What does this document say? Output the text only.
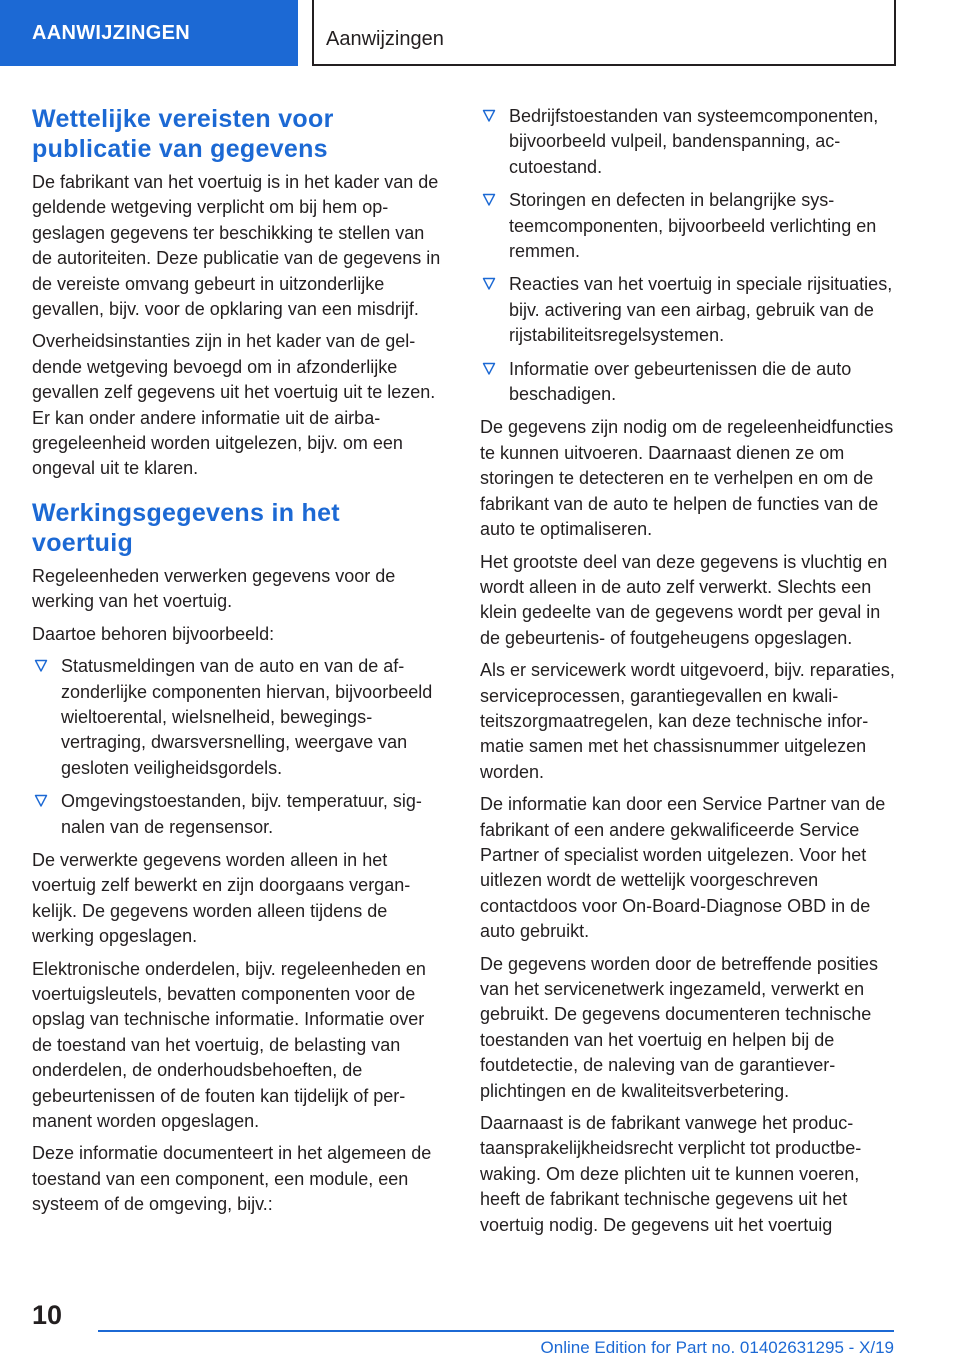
AANWIJZINGEN	Aanwijzingen
Wettelijke vereisten voor publicatie van gegevens

De fabrikant van het voertuig is in het kader van de geldende wetgeving verplicht om bij hem opgeslagen gegevens ter beschikking te stellen van de autoriteiten. Deze publicatie van de gegevens in de vereiste omvang gebeurt in uitzonderlijke gevallen, bijv. voor de opklaring van een misdrijf.

Overheidsinstanties zijn in het kader van de geldende wetgeving bevoegd om in afzonderlijke gevallen zelf gegevens uit het voertuig uit te lezen. Er kan onder andere informatie uit de airbagregeleenheid worden uitgelezen, bijv. om een ongeval uit te klaren.

Werkingsgegevens in het voertuig

Regeleenheden verwerken gegevens voor de werking van het voertuig.

Daartoe behoren bijvoorbeeld:

Statusmeldingen van de auto en van de afzonderlijke componenten hiervan, bijvoorbeeld wieltoerental, wielsnelheid, bewegingsvertraging, dwarsversnelling, weergave van gesloten veiligheidsgordels.
Omgevingstoestanden, bijv. temperatuur, signalen van de regensensor.

De verwerkte gegevens worden alleen in het voertuig zelf bewerkt en zijn doorgaans vergankelijk. De gegevens worden alleen tijdens de werking opgeslagen.

Elektronische onderdelen, bijv. regeleenheden en voertuigsleutels, bevatten componenten voor de opslag van technische informatie. Informatie over de toestand van het voertuig, de belasting van onderdelen, de onderhoudsbehoeften, de gebeurtenissen of de fouten kan tijdelijk of permanent worden opgeslagen.

Deze informatie documenteert in het algemeen de toestand van een component, een module, een systeem of de omgeving, bijv.:

Bedrijfstoestanden van systeemcomponenten, bijvoorbeeld vulpeil, bandenspanning, accutoestand.
Storingen en defecten in belangrijke systeemcomponenten, bijvoorbeeld verlichting en remmen.
Reacties van het voertuig in speciale rijsituaties, bijv. activering van een airbag, gebruik van de rijstabiliteitsregelsystemen.
Informatie over gebeurtenissen die de auto beschadigen.

De gegevens zijn nodig om de regeleenheidfuncties te kunnen uitvoeren. Daarnaast dienen ze om storingen te detecteren en te verhelpen en om de fabrikant van de auto te helpen de functies van de auto te optimaliseren.

Het grootste deel van deze gegevens is vluchtig en wordt alleen in de auto zelf verwerkt. Slechts een klein gedeelte van de gegevens wordt per geval in de gebeurtenis- of foutgeheugens opgeslagen.

Als er servicewerk wordt uitgevoerd, bijv. reparaties, serviceprocessen, garantiegevallen en kwaliteitszorgmaatregelen, kan deze technische informatie samen met het chassisnummer uitgelezen worden.

De informatie kan door een Service Partner van de fabrikant of een andere gekwalificeerde Service Partner of specialist worden uitgelezen. Voor het uitlezen wordt de wettelijk voorgeschreven contactdoos voor On-Board-Diagnose OBD in de auto gebruikt.

De gegevens worden door de betreffende posities van het servicenetwerk ingezameld, verwerkt en gebruikt. De gegevens documenteren technische toestanden van het voertuig en helpen bij de foutdetectie, de naleving van de garantieverplichtingen en de kwaliteitsverbetering.

Daarnaast is de fabrikant vanwege het productaansprakelijkheidsrecht verplicht tot productbewaking. Om deze plichten uit te kunnen voeren, heeft de fabrikant technische gegevens uit het voertuig nodig. De gegevens uit het voertuig

10
Online Edition for Part no. 01402631295 - X/19
